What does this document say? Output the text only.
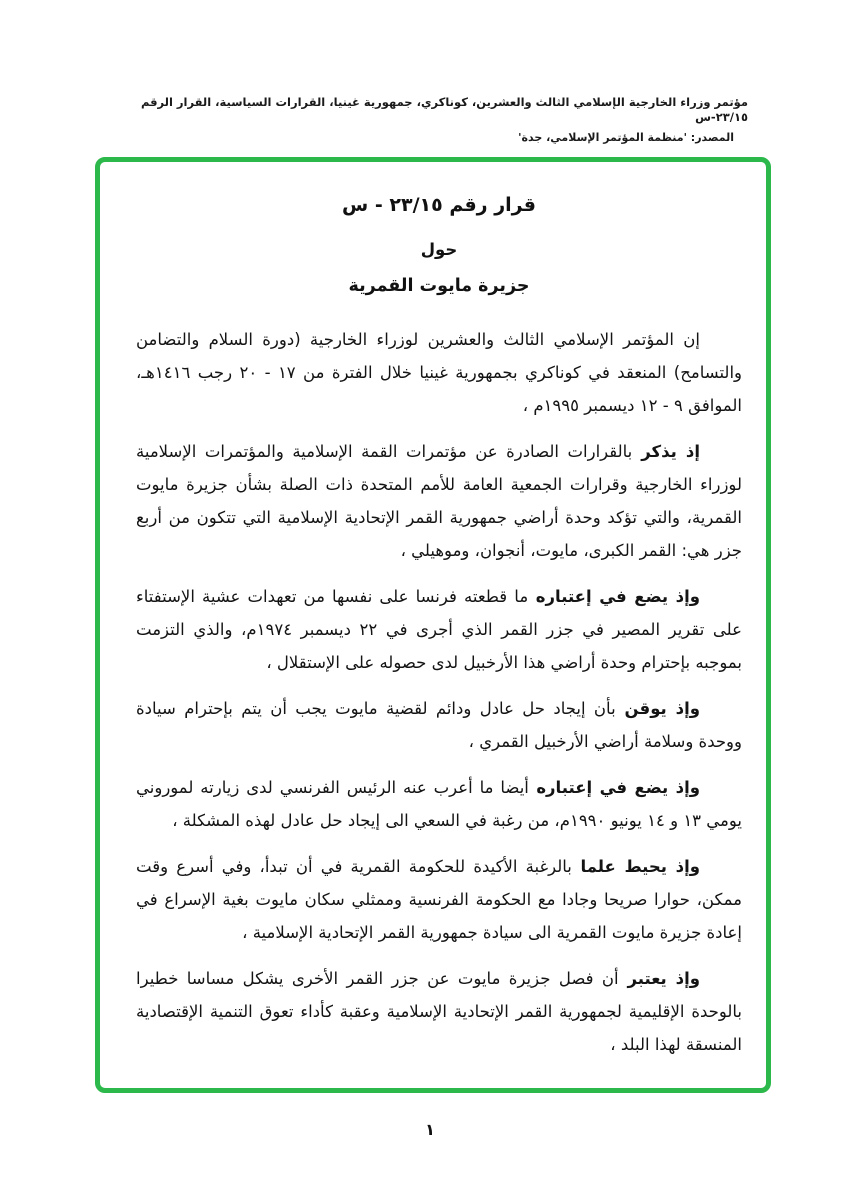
مؤتمر وزراء الخارجية الإسلامي الثالث والعشرين، كوناكري، جمهورية غينيا، القرارات السياسية، القرار الرقم ٢٣/١٥-س
المصدر: 'منظمة المؤتمر الإسلامي، جدة'
قرار رقم ٢٣/١٥ - س
حول
جزيرة مايوت القمرية

إن المؤتمر الإسلامي الثالث والعشرين لوزراء الخارجية (دورة السلام والتضامن والتسامح) المنعقد في كوناكري بجمهورية غينيا خلال الفترة من ١٧ - ٢٠ رجب ١٤١٦هـ، الموافق ٩ - ١٢ ديسمبر ١٩٩٥م ،

إذ يذكربالقرارات الصادرة عن مؤتمرات القمة الإسلامية والمؤتمرات الإسلامية لوزراء الخارجية وقرارات الجمعية العامة للأمم المتحدة ذات الصلة بشأن جزيرة مايوت القمرية، والتي تؤكد وحدة أراضي جمهورية القمر الإتحادية الإسلامية التي تتكون من أربع جزر هي: القمر الكبرى، مايوت، أنجوان، وموهيلي ،

وإذ يضع في إعتبارهما قطعته فرنسا على نفسها من تعهدات عشية الإستفتاء على تقرير المصير في جزر القمر الذي أجرى في ٢٢ ديسمبر ١٩٧٤م، والذي التزمت بموجبه بإحترام وحدة أراضي هذا الأرخبيل لدى حصوله على الإستقلال ،

وإذ يوقنبأن إيجاد حل عادل ودائم لقضية مايوت يجب أن يتم بإحترام سيادة ووحدة وسلامة أراضي الأرخبيل القمري ،

وإذ يضع في إعتبارهأيضا ما أعرب عنه الرئيس الفرنسي لدى زيارته لموروني يومي ١٣ و ١٤ يونيو ١٩٩٠م، من رغبة في السعي الى إيجاد حل عادل لهذه المشكلة ،

وإذ يحيط علمابالرغبة الأكيدة للحكومة القمرية في أن تبدأ، وفي أسرع وقت ممكن، حوارا صريحا وجادا مع الحكومة الفرنسية وممثلي سكان مايوت بغية الإسراع في إعادة جزيرة مايوت القمرية الى سيادة جمهورية القمر الإتحادية الإسلامية ،

وإذ يعتبرأن فصل جزيرة مايوت عن جزر القمر الأخرى يشكل مساسا خطيرا بالوحدة الإقليمية لجمهورية القمر الإتحادية الإسلامية وعقبة كأداء تعوق التنمية الإقتصادية المنسقة لهذا البلد ،

١
